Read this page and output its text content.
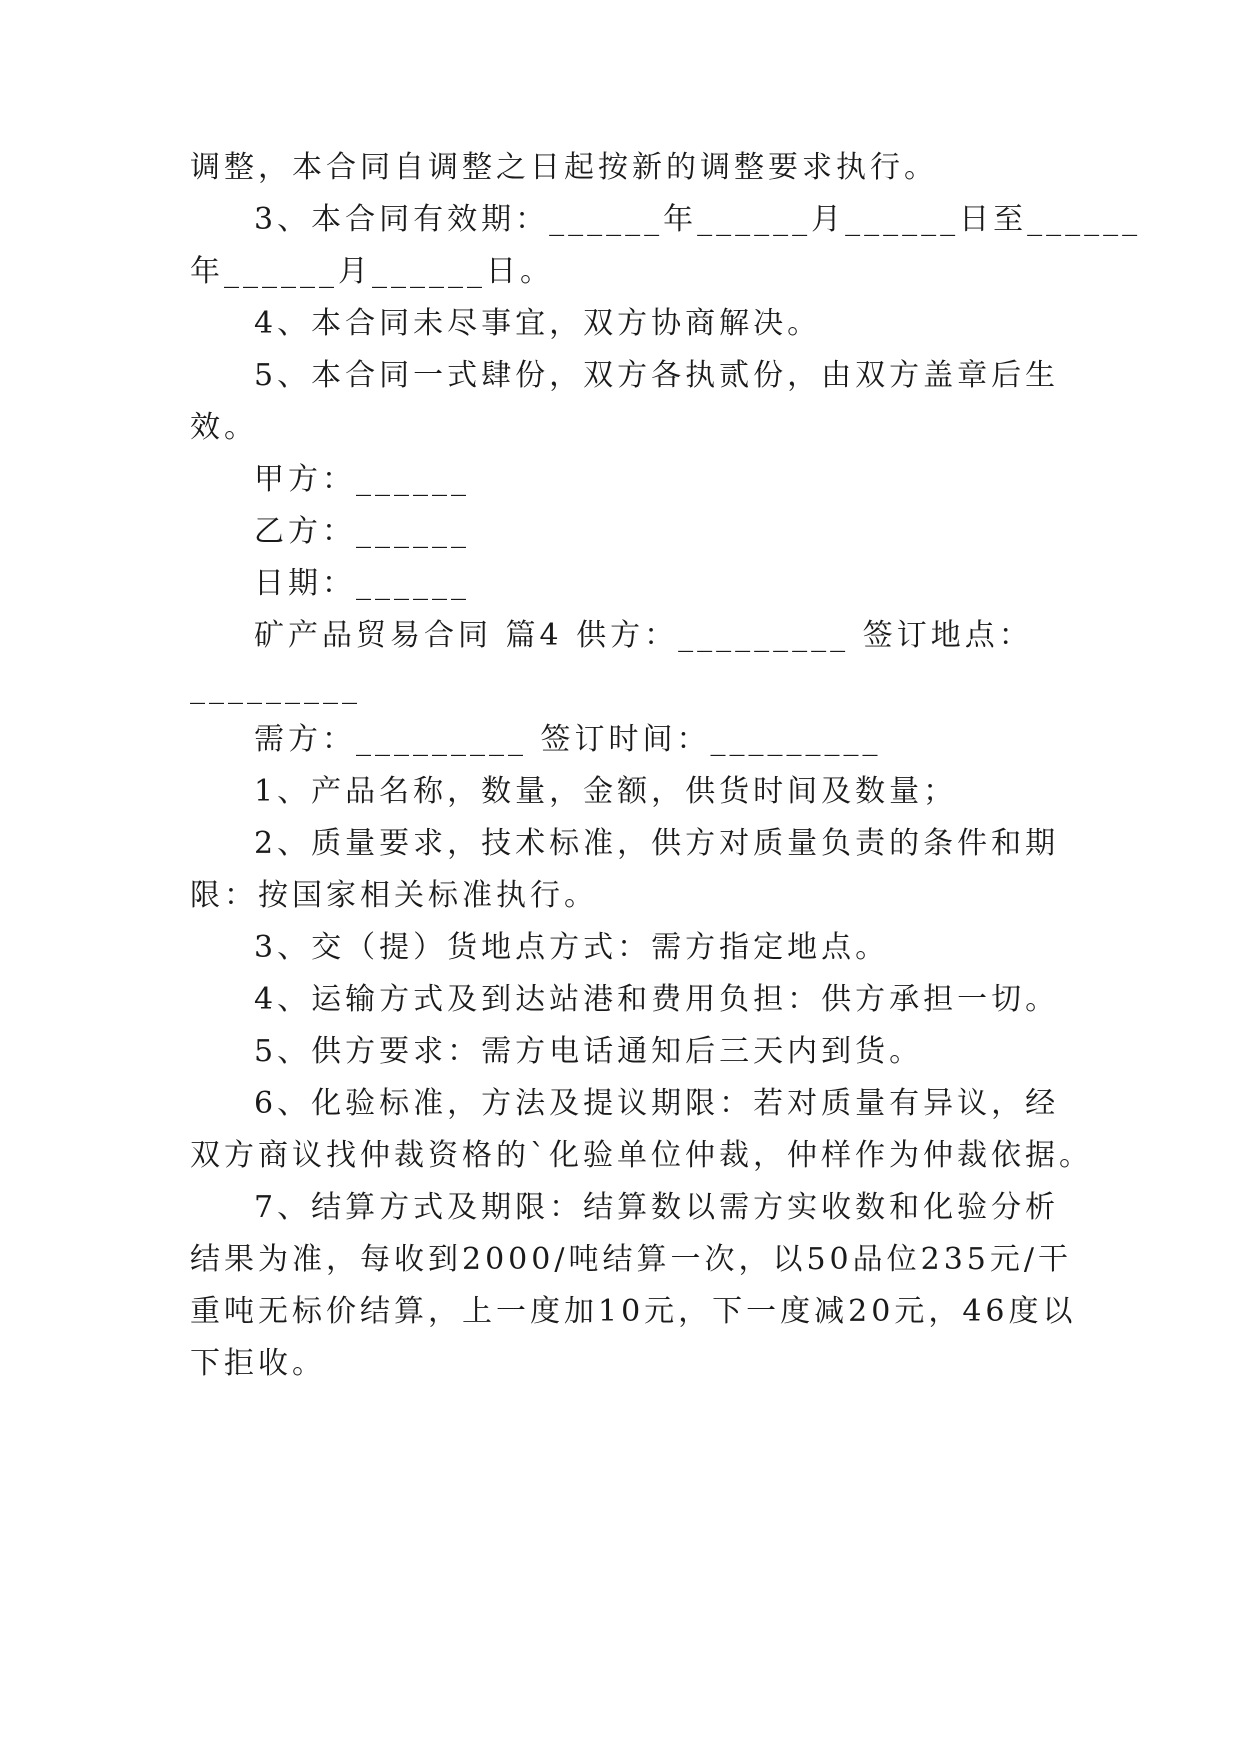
调整，本合同自调整之日起按新的调整要求执行。
3、本合同有效期：______年______月______日至______
年______月______日。
4、本合同未尽事宜，双方协商解决。
5、本合同一式肆份，双方各执贰份，由双方盖章后生
效。
甲方：______
乙方：______
日期：______
矿产品贸易合同 篇4 供方：_________ 签订地点：
_________
需方：_________ 签订时间：_________
1、产品名称，数量，金额，供货时间及数量；
2、质量要求，技术标准，供方对质量负责的条件和期
限：按国家相关标准执行。
3、交（提）货地点方式：需方指定地点。
4、运输方式及到达站港和费用负担：供方承担一切。
5、供方要求：需方电话通知后三天内到货。
6、化验标准，方法及提议期限：若对质量有异议，经
双方商议找仲裁资格的`化验单位仲裁，仲样作为仲裁依据。
7、结算方式及期限：结算数以需方实收数和化验分析
结果为准，每收到2000/吨结算一次，以50品位235元/干
重吨无标价结算，上一度加10元，下一度减20元，46度以
下拒收。
